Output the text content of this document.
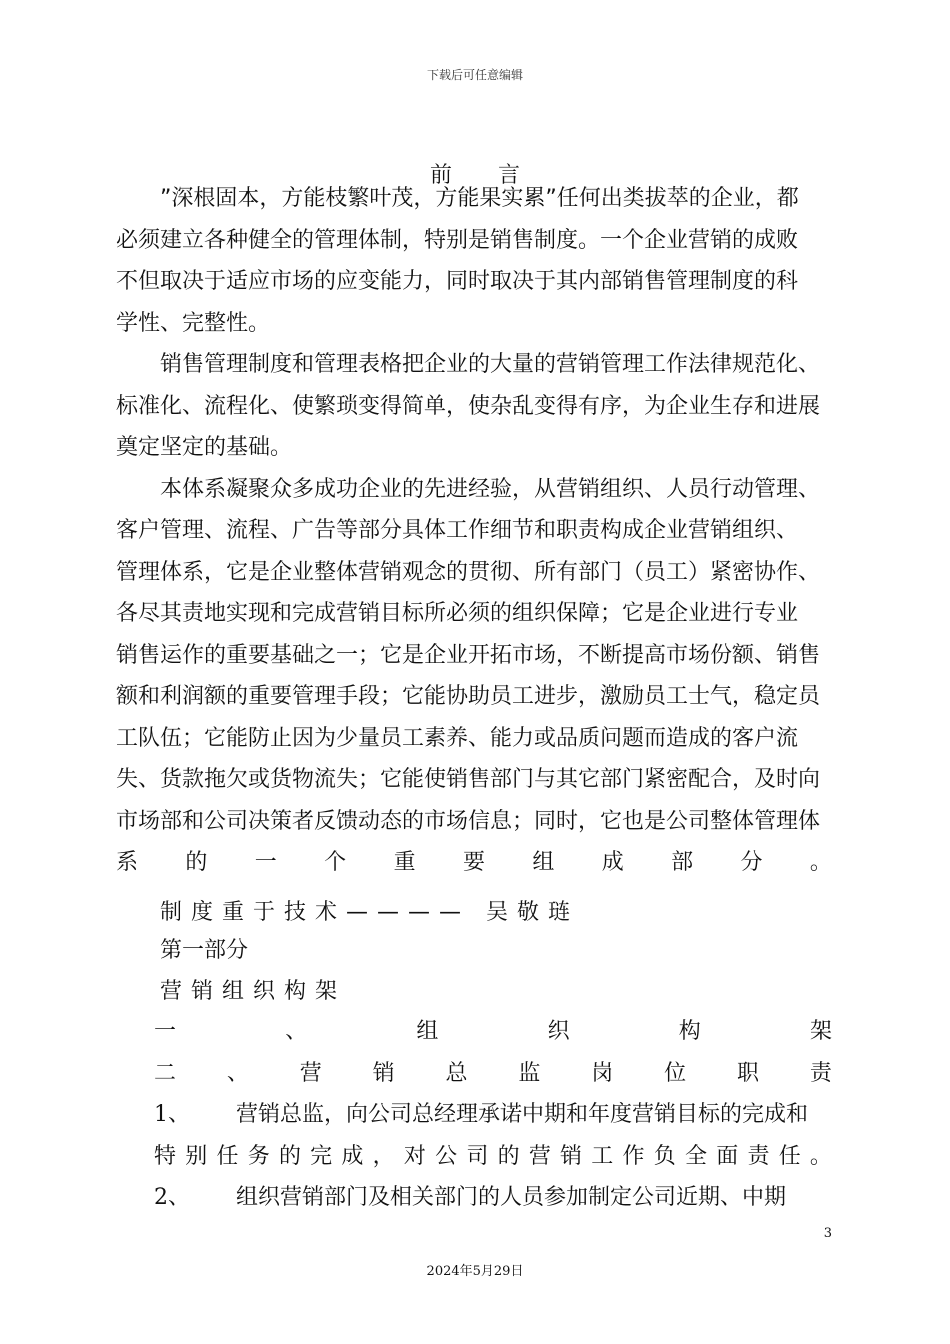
下载后可任意编辑
前言
”深根固本，方能枝繁叶茂，方能果实累”任何出类拔萃的企业，都
必须建立各种健全的管理体制，特别是销售制度。一个企业营销的成败
不但取决于适应市场的应变能力，同时取决于其内部销售管理制度的科
学性、完整性。
销售管理制度和管理表格把企业的大量的营销管理工作法律规范化、
标准化、流程化、使繁琐变得简单，使杂乱变得有序，为企业生存和进展
奠定坚定的基础。
本体系凝聚众多成功企业的先进经验，从营销组织、人员行动管理、
客户管理、流程、广告等部分具体工作细节和职责构成企业营销组织、
管理体系，它是企业整体营销观念的贯彻、所有部门（员工）紧密协作、
各尽其责地实现和完成营销目标所必须的组织保障；它是企业进行专业
销售运作的重要基础之一；它是企业开拓市场，不断提高市场份额、销售
额和利润额的重要管理手段；它能协助员工进步，激励员工士气，稳定员
工队伍；它能防止因为少量员工素养、能力或品质问题而造成的客户流
失、货款拖欠或货物流失；它能使销售部门与其它部门紧密配合，及时向
市场部和公司决策者反馈动态的市场信息；同时，它也是公司整体管理体
系 的 一 个 重 要 组 成 部 分 。
制度重于技术———— 吴敬琏
第一部分
营销组织构架
一	、	组	织	构	架
二 、 营 销 总 监 岗 位 职 责
1、 营销总监，向公司总经理承诺中期和年度营销目标的完成和
特 别 任 务 的 完 成 ， 对 公 司 的 营 销 工 作 负 全 面 责 任 。
2、 组织营销部门及相关部门的人员参加制定公司近期、中期
3
2024年5月29日
